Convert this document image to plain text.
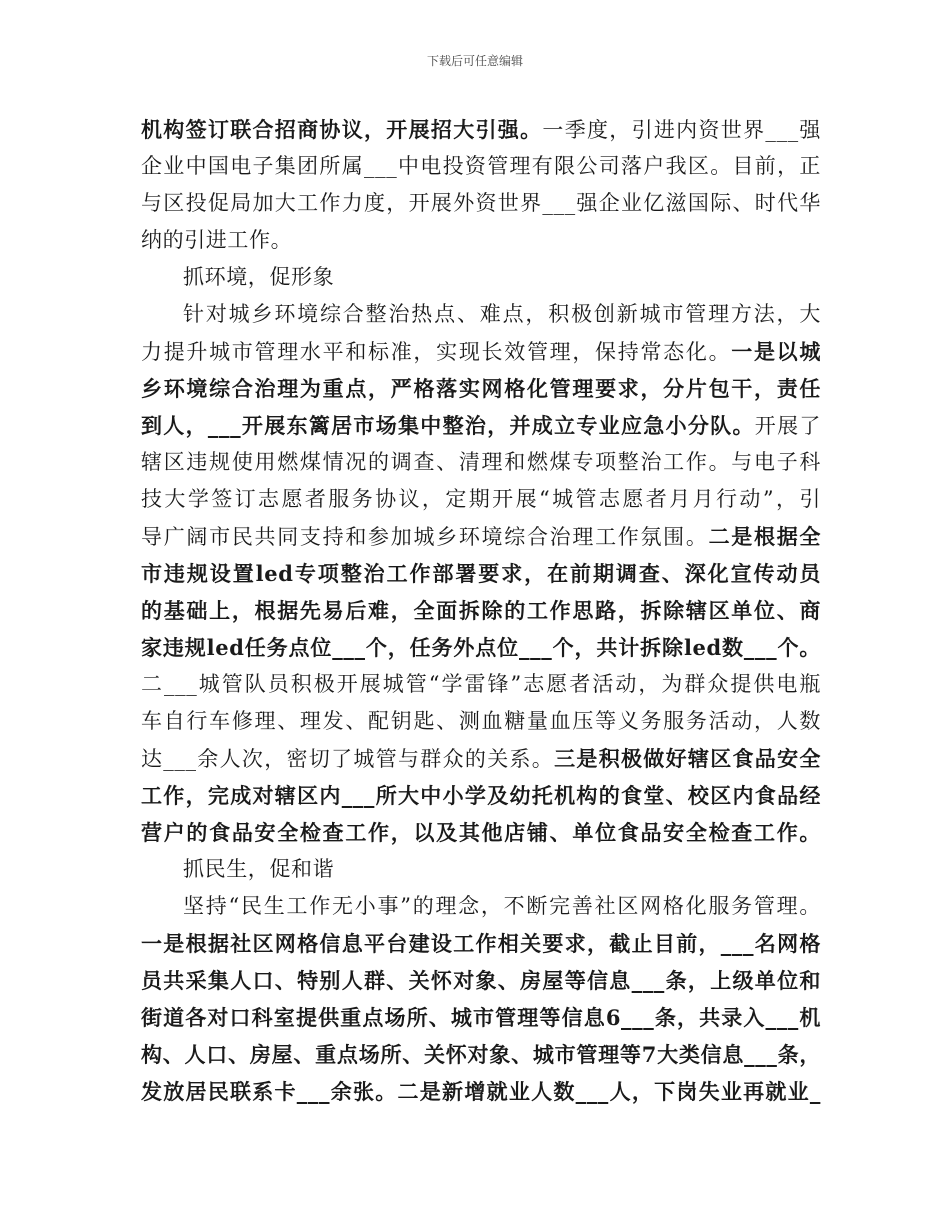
下载后可任意编辑
机构签订联合招商协议，开展招大引强。一季度，引进内资世界___强
企业中国电子集团所属___中电投资管理有限公司落户我区。目前，正
与区投促局加大工作力度，开展外资世界___强企业亿滋国际、时代华
纳的引进工作。
抓环境，促形象
针对城乡环境综合整治热点、难点，积极创新城市管理方法，大
力提升城市管理水平和标准，实现长效管理，保持常态化。一是以城
乡环境综合治理为重点，严格落实网格化管理要求，分片包干，责任
到人，___开展东篱居市场集中整治，并成立专业应急小分队。开展了
辖区违规使用燃煤情况的调查、清理和燃煤专项整治工作。与电子科
技大学签订志愿者服务协议，定期开展“城管志愿者月月行动”，引
导广阔市民共同支持和参加城乡环境综合治理工作氛围。二是根据全
市违规设置led专项整治工作部署要求，在前期调查、深化宣传动员
的基础上，根据先易后难，全面拆除的工作思路，拆除辖区单位、商
家违规led任务点位___个，任务外点位___个，共计拆除led数___个。
二___城管队员积极开展城管“学雷锋”志愿者活动，为群众提供电瓶
车自行车修理、理发、配钥匙、测血糖量血压等义务服务活动，人数
达___余人次，密切了城管与群众的关系。三是积极做好辖区食品安全
工作，完成对辖区内___所大中小学及幼托机构的食堂、校区内食品经
营户的食品安全检查工作，以及其他店铺、单位食品安全检查工作。
抓民生，促和谐
坚持“民生工作无小事”的理念，不断完善社区网格化服务管理。
一是根据社区网格信息平台建设工作相关要求，截止目前，___名网格
员共采集人口、特别人群、关怀对象、房屋等信息___条，上级单位和
街道各对口科室提供重点场所、城市管理等信息6___条，共录入___机
构、人口、房屋、重点场所、关怀对象、城市管理等7大类信息___条，
发放居民联系卡___余张。二是新增就业人数___人，下岗失业再就业_
